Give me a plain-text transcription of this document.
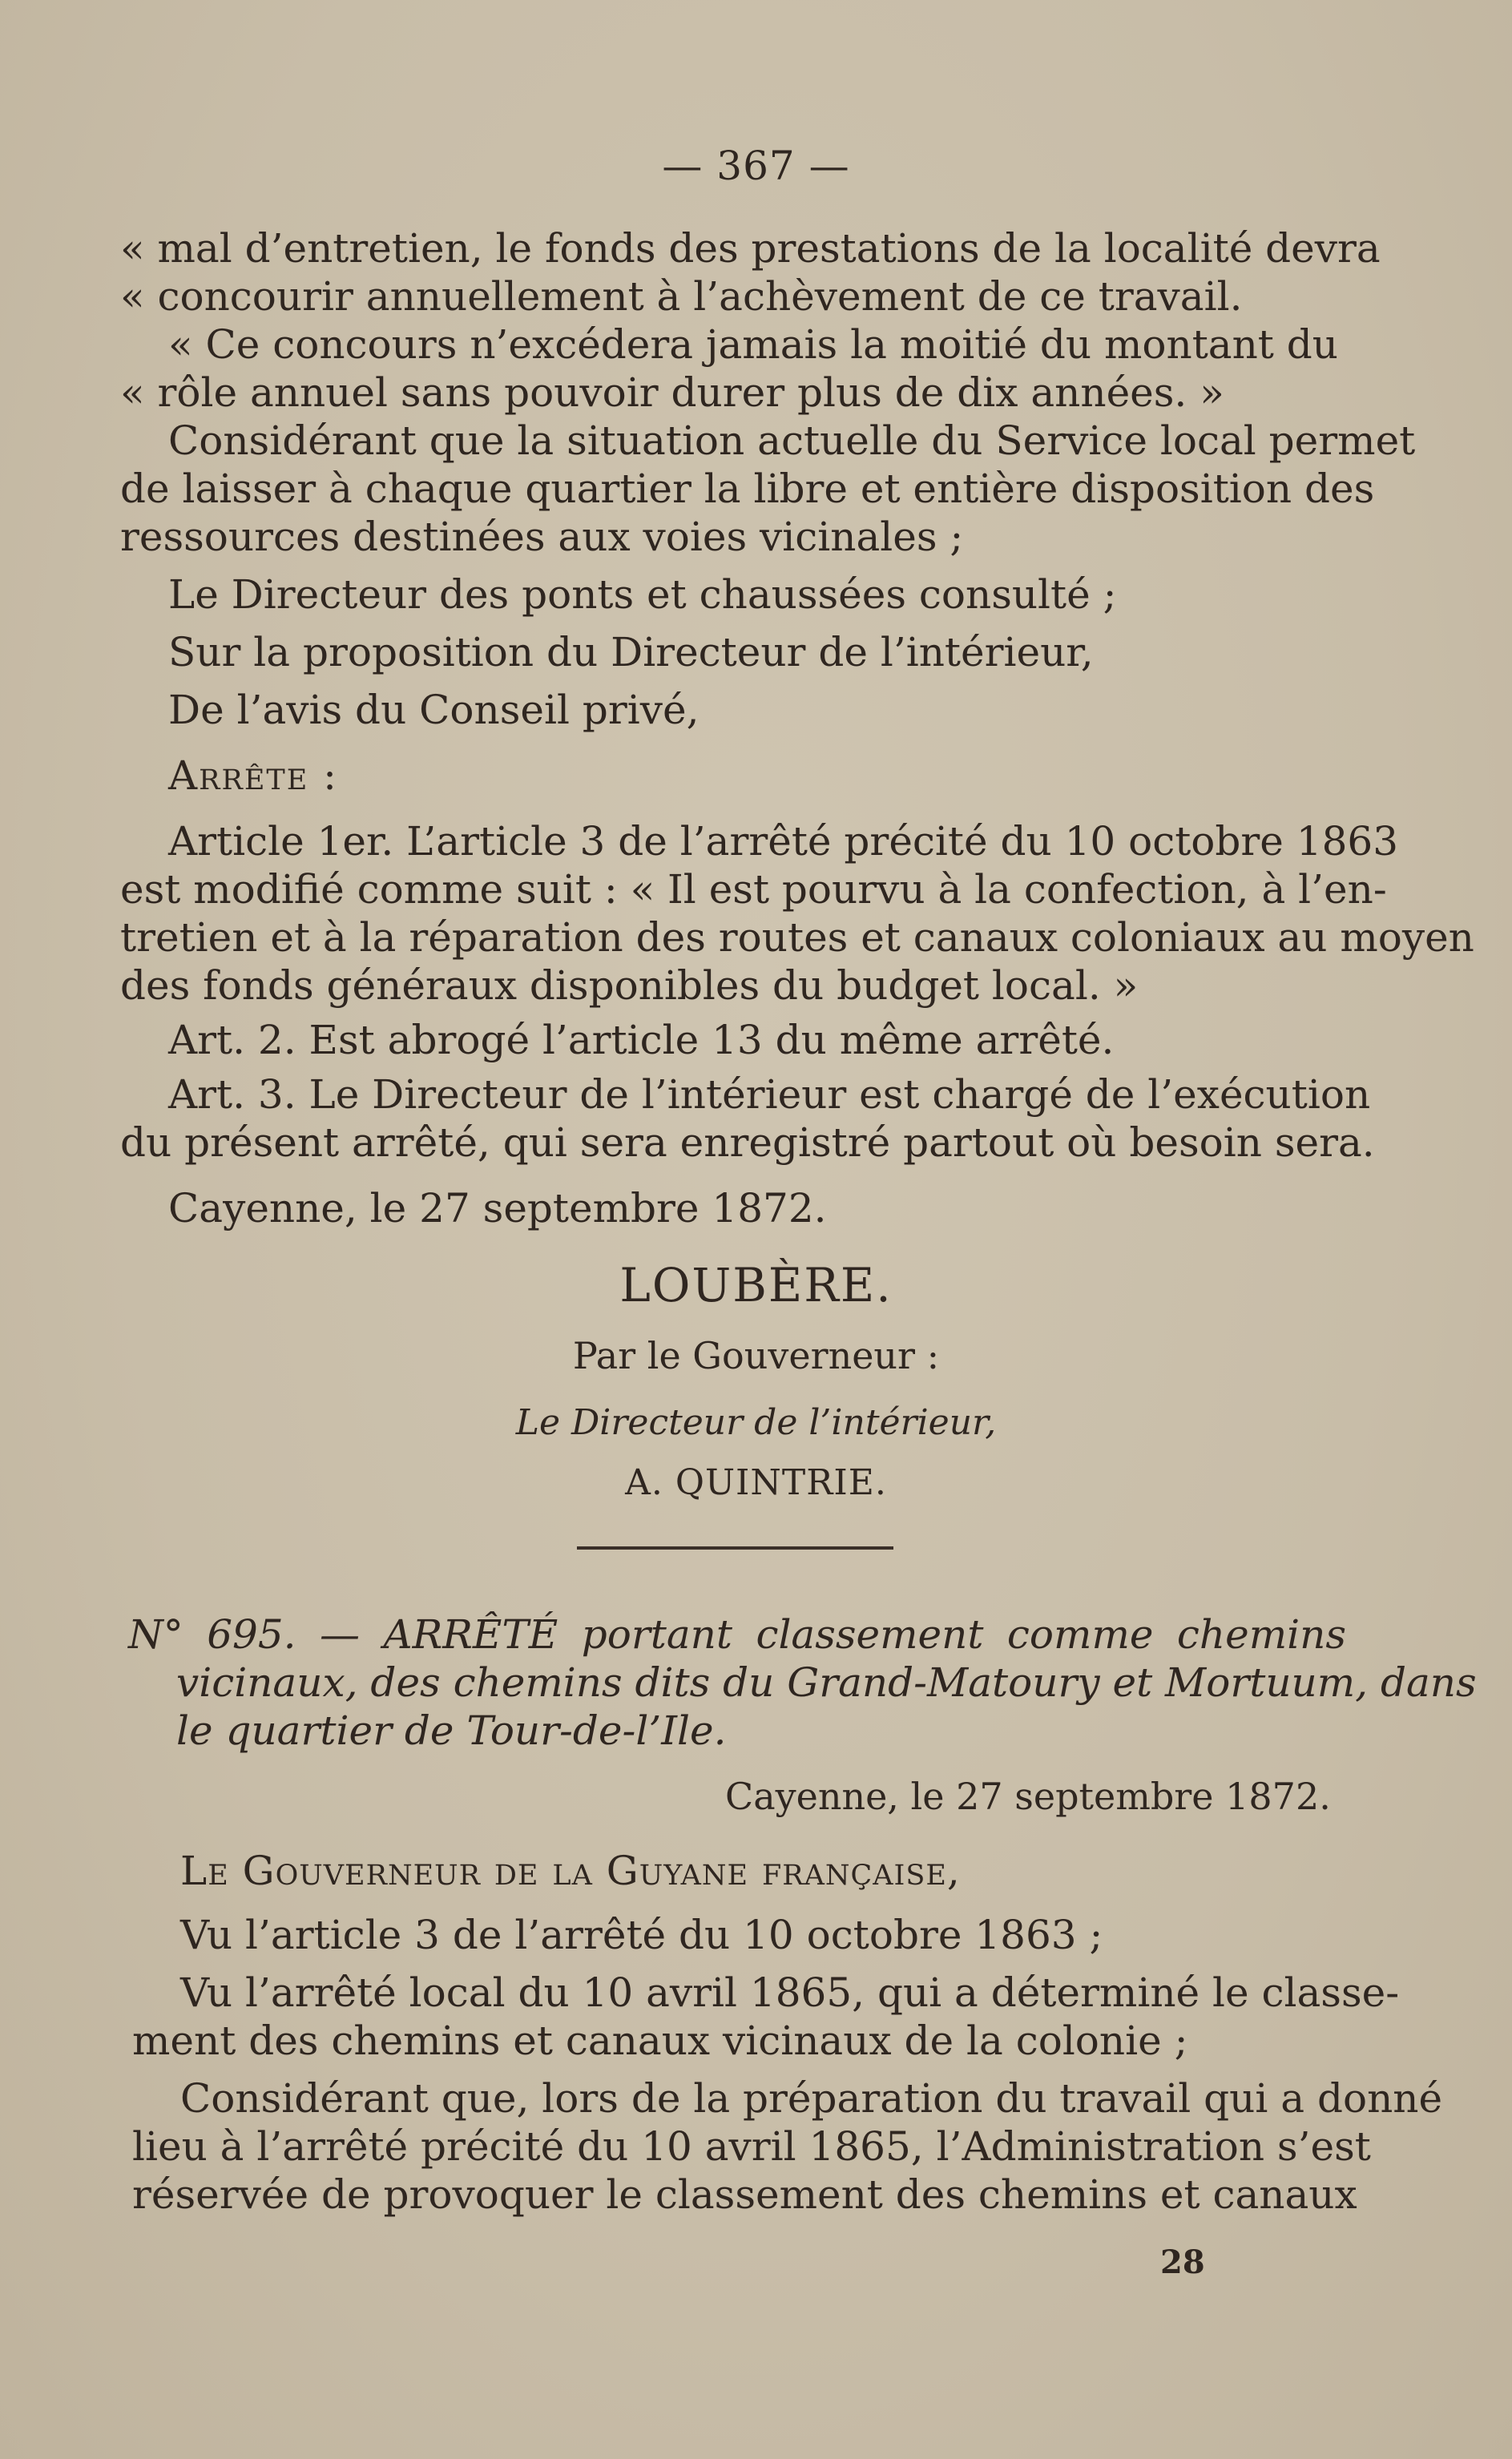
— 367 —
« mal d’entretien, le fonds des prestations de la localité devra
« concourir annuellement à l’achèvement de ce travail.
« Ce concours n’excédera jamais la moitié du montant du
« rôle annuel sans pouvoir durer plus de dix années. »
Considérant que la situation actuelle du Service local permet
de laisser à chaque quartier la libre et entière disposition des
ressources destinées aux voies vicinales ;
Le Directeur des ponts et chaussées consulté ;
Sur la proposition du Directeur de l’intérieur,
De l’avis du Conseil privé,
Arrête :
Article 1er. L’article 3 de l’arrêté précité du 10 octobre 1863
est modifié comme suit : « Il est pourvu à la confection, à l’en-
tretien et à la réparation des routes et canaux coloniaux au moyen
des fonds généraux disponibles du budget local. »
Art. 2. Est abrogé l’article 13 du même arrêté.
Art. 3. Le Directeur de l’intérieur est chargé de l’exécution
du présent arrêté, qui sera enregistré partout où besoin sera.
Cayenne, le 27 septembre 1872.
LOUBÈRE.
Par le Gouverneur :
Le Directeur de l’intérieur,
A. QUINTRIE.
N° 695. — ARRÊTÉ portant classement comme chemins
vicinaux, des chemins dits du Grand-Matoury et Mortuum, dans
le quartier de Tour-de-l’Ile.
Cayenne, le 27 septembre 1872.
Le Gouverneur de la Guyane française,
Vu l’article 3 de l’arrêté du 10 octobre 1863 ;
Vu l’arrêté local du 10 avril 1865, qui a déterminé le classe-
ment des chemins et canaux vicinaux de la colonie ;
Considérant que, lors de la préparation du travail qui a donné
lieu à l’arrêté précité du 10 avril 1865, l’Administration s’est
réservée de provoquer le classement des chemins et canaux
28
